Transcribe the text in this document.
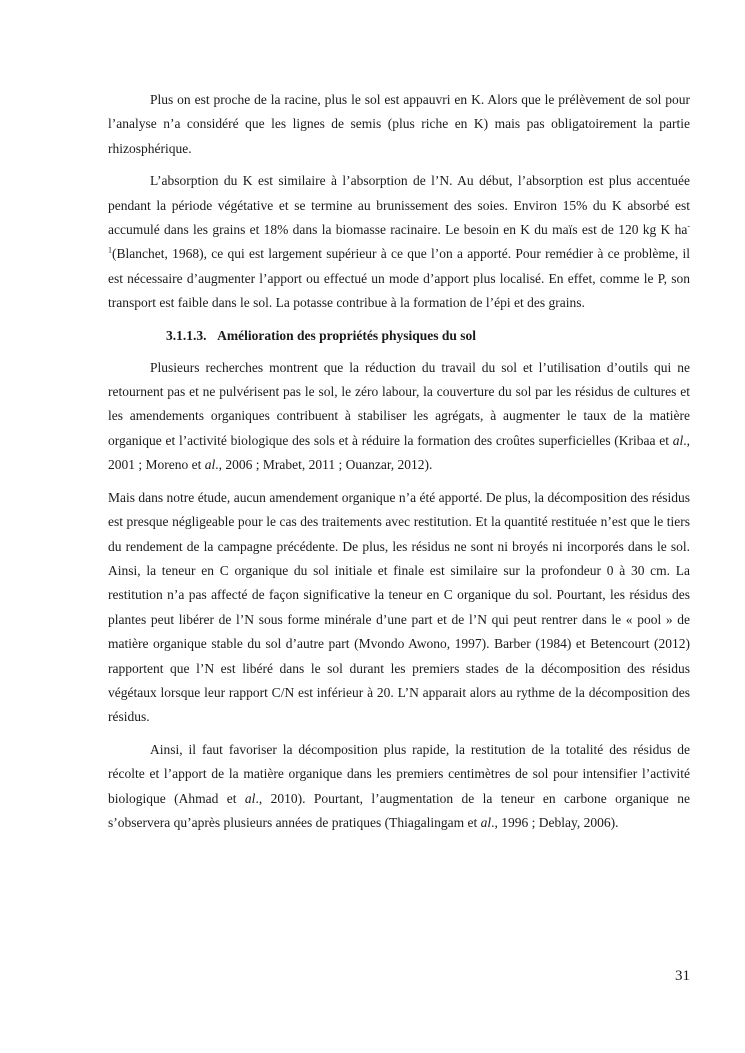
Plus on est proche de la racine, plus le sol est appauvri en K. Alors que le prélèvement de sol pour l’analyse n’a considéré que les lignes de semis (plus riche en K) mais pas obligatoirement la partie rhizosphérique.

L’absorption du K est similaire à l’absorption de l’N. Au début, l’absorption est plus accentuée pendant la période végétative et se termine au brunissement des soies. Environ 15% du K absorbé est accumulé dans les grains et 18% dans la biomasse racinaire. Le besoin en K du maïs est de 120 kg K $ha^{-1}(Blanchet$, 1968), ce qui est largement supérieur à ce que l’on a apporté. Pour remédier à ce problème, il est nécessaire d’augmenter l’apport ou effectué un mode d’apport plus localisé. En effet, comme le P, son transport est faible dans le sol. La potasse contribue à la formation de l’épi et des grains.

3.1.1.3. Amélioration des propriétés physiques du sol

Plusieurs recherches montrent que la réduction du travail du sol et l’utilisation d’outils qui ne retournent pas et ne pulvérisent pas le sol, le zéro labour, la couverture du sol par les résidus de cultures et les amendements organiques contribuent à stabiliser les agrégats, à augmenter le taux de la matière organique et l’activité biologique des sols et à réduire la formation des croûtes superficielles (Kribaa et al., 2001 ; Moreno et al., 2006 ; Mrabet, 2011 ; Ouanzar, 2012).

Mais dans notre étude, aucun amendement organique n’a été apporté. De plus, la décomposition des résidus est presque négligeable pour le cas des traitements avec restitution. Et la quantité restituée n’est que le tiers du rendement de la campagne précédente. De plus, les résidus ne sont ni broyés ni incorporés dans le sol. Ainsi, la teneur en C organique du sol initiale et finale est similaire sur la profondeur 0 à 30 cm. La restitution n’a pas affecté de façon significative la teneur en C organique du sol. Pourtant, les résidus des plantes peut libérer de l’N sous forme minérale d’une part et de l’N qui peut rentrer dans le « pool » de matière organique stable du sol d’autre part (Mvondo Awono, 1997). Barber (1984) et Betencourt (2012) rapportent que l’N est libéré dans le sol durant les premiers stades de la décomposition des résidus végétaux lorsque leur rapport C/N est inférieur à 20. L’N apparait alors au rythme de la décomposition des résidus.

Ainsi, il faut favoriser la décomposition plus rapide, la restitution de la totalité des résidus de récolte et l’apport de la matière organique dans les premiers centimètres de sol pour intensifier l’activité biologique (Ahmad et al., 2010). Pourtant, l’augmentation de la teneur en carbone organique ne s’observera qu’après plusieurs années de pratiques (Thiagalingam et al., 1996 ; Deblay, 2006).

31
